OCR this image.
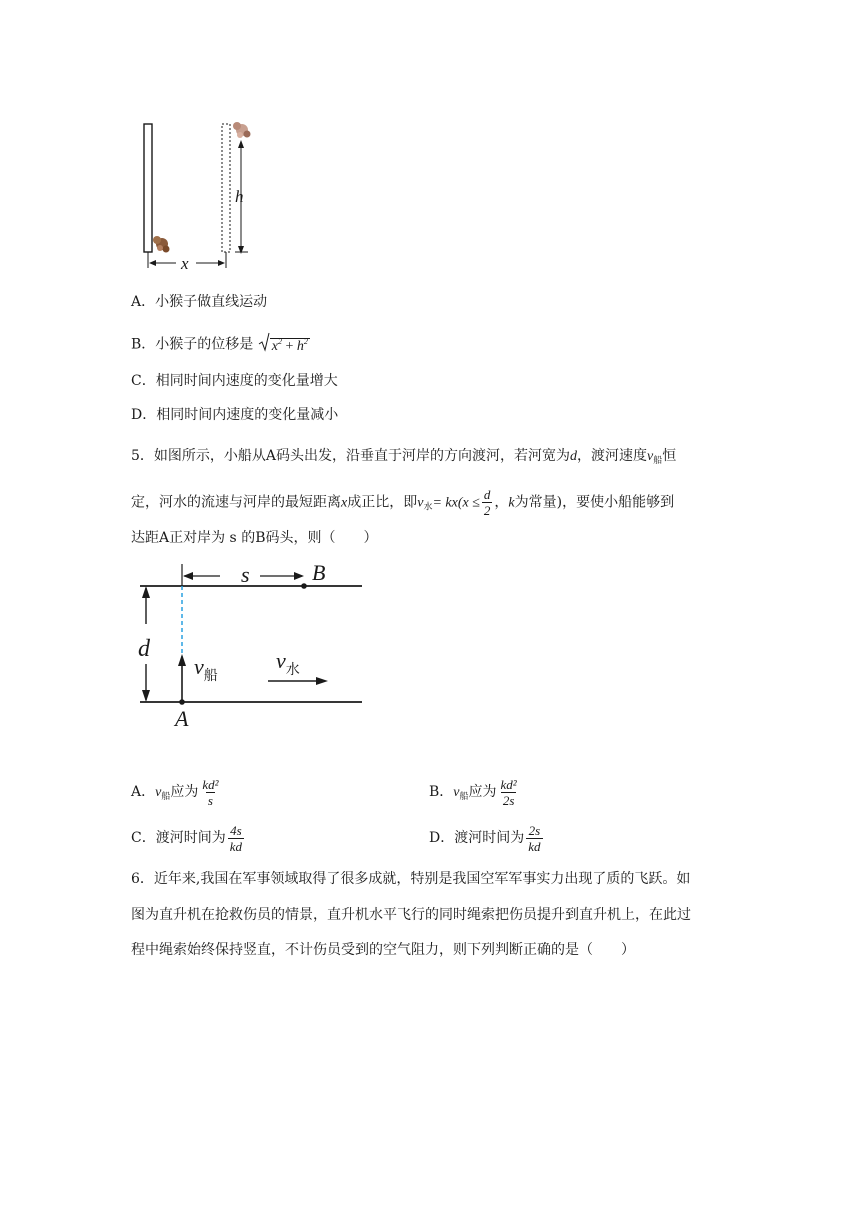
h
x
A．小猴子做直线运动
B．小猴子的位移是 $x^2 + h^2$
C．相同时间内速度的变化量增大
D．相同时间内速度的变化量减小
5．如图所示，小船从A码头出发，沿垂直于河岸的方向渡河，若河宽为d，渡河速度$v_船$恒
定，河水的流速与河岸的最短距离x成正比，即$v_水= kx(x \le \frac{d}{2}$ ，k为常量)，要使小船能够到
达距A正对岸为 s 的B码头，则（　　）
s	B
d
$v_船$
$v_水$
A
A．$v_船$应为 $\frac{\text{kd²}}{s}$	B．$v_船$应为 $\frac{\text{kd²}}{2s}$
C．渡河时间为 $\frac{4s}{kd}$	D．渡河时间为 $\frac{2s}{kd}$
6．近年来,我国在军事领域取得了很多成就，特别是我国空军军事实力出现了质的飞跃。如
图为直升机在抢救伤员的情景，直升机水平飞行的同时绳索把伤员提升到直升机上，在此过
程中绳索始终保持竖直，不计伤员受到的空气阻力，则下列判断正确的是（　　）
